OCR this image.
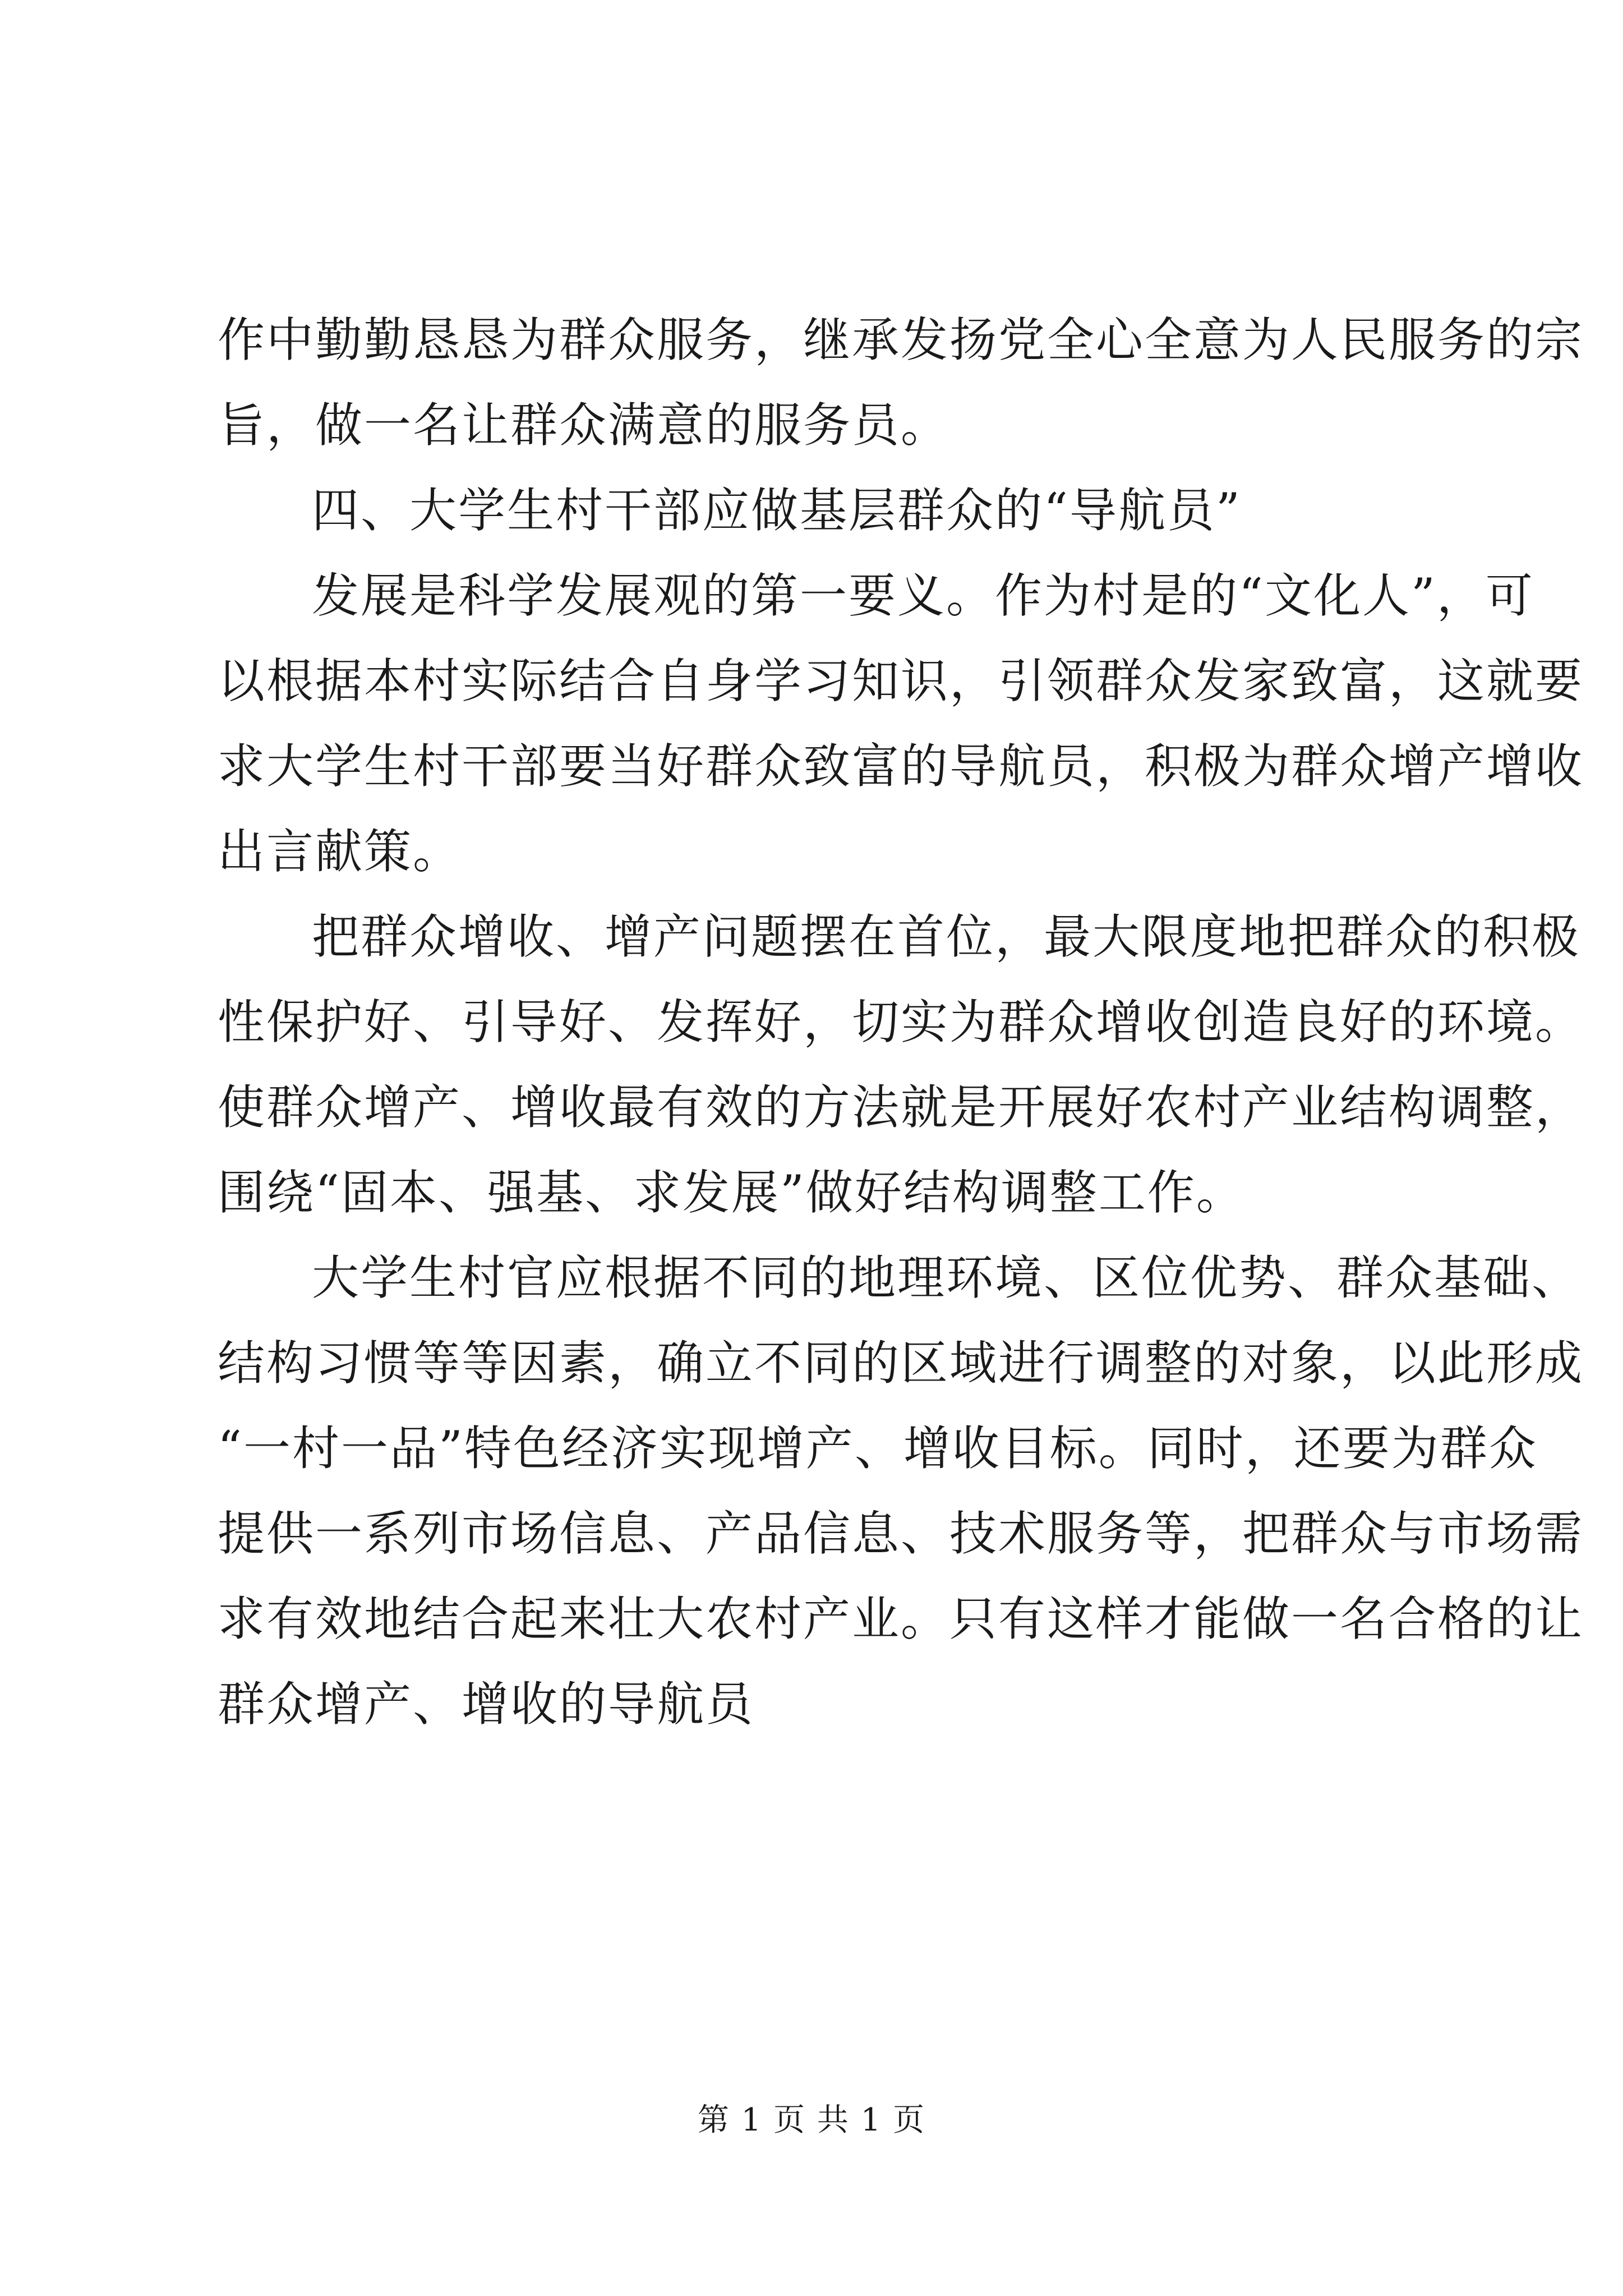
作中勤勤恳恳为群众服务，继承发扬党全心全意为人民服务的宗
旨，做一名让群众满意的服务员。
四、大学生村干部应做基层群众的“导航员”
发展是科学发展观的第一要义。作为村是的“文化人”，可
以根据本村实际结合自身学习知识，引领群众发家致富，这就要
求大学生村干部要当好群众致富的导航员，积极为群众增产增收
出言献策。
把群众增收、增产问题摆在首位，最大限度地把群众的积极
性保护好、引导好、发挥好，切实为群众增收创造良好的环境。
使群众增产、增收最有效的方法就是开展好农村产业结构调整，
围绕“固本、强基、求发展”做好结构调整工作。
大学生村官应根据不同的地理环境、区位优势、群众基础、
结构习惯等等因素，确立不同的区域进行调整的对象，以此形成
“一村一品”特色经济实现增产、增收目标。同时，还要为群众
提供一系列市场信息、产品信息、技术服务等，把群众与市场需
求有效地结合起来壮大农村产业。只有这样才能做一名合格的让
群众增产、增收的导航员
第 1 页 共 1 页
